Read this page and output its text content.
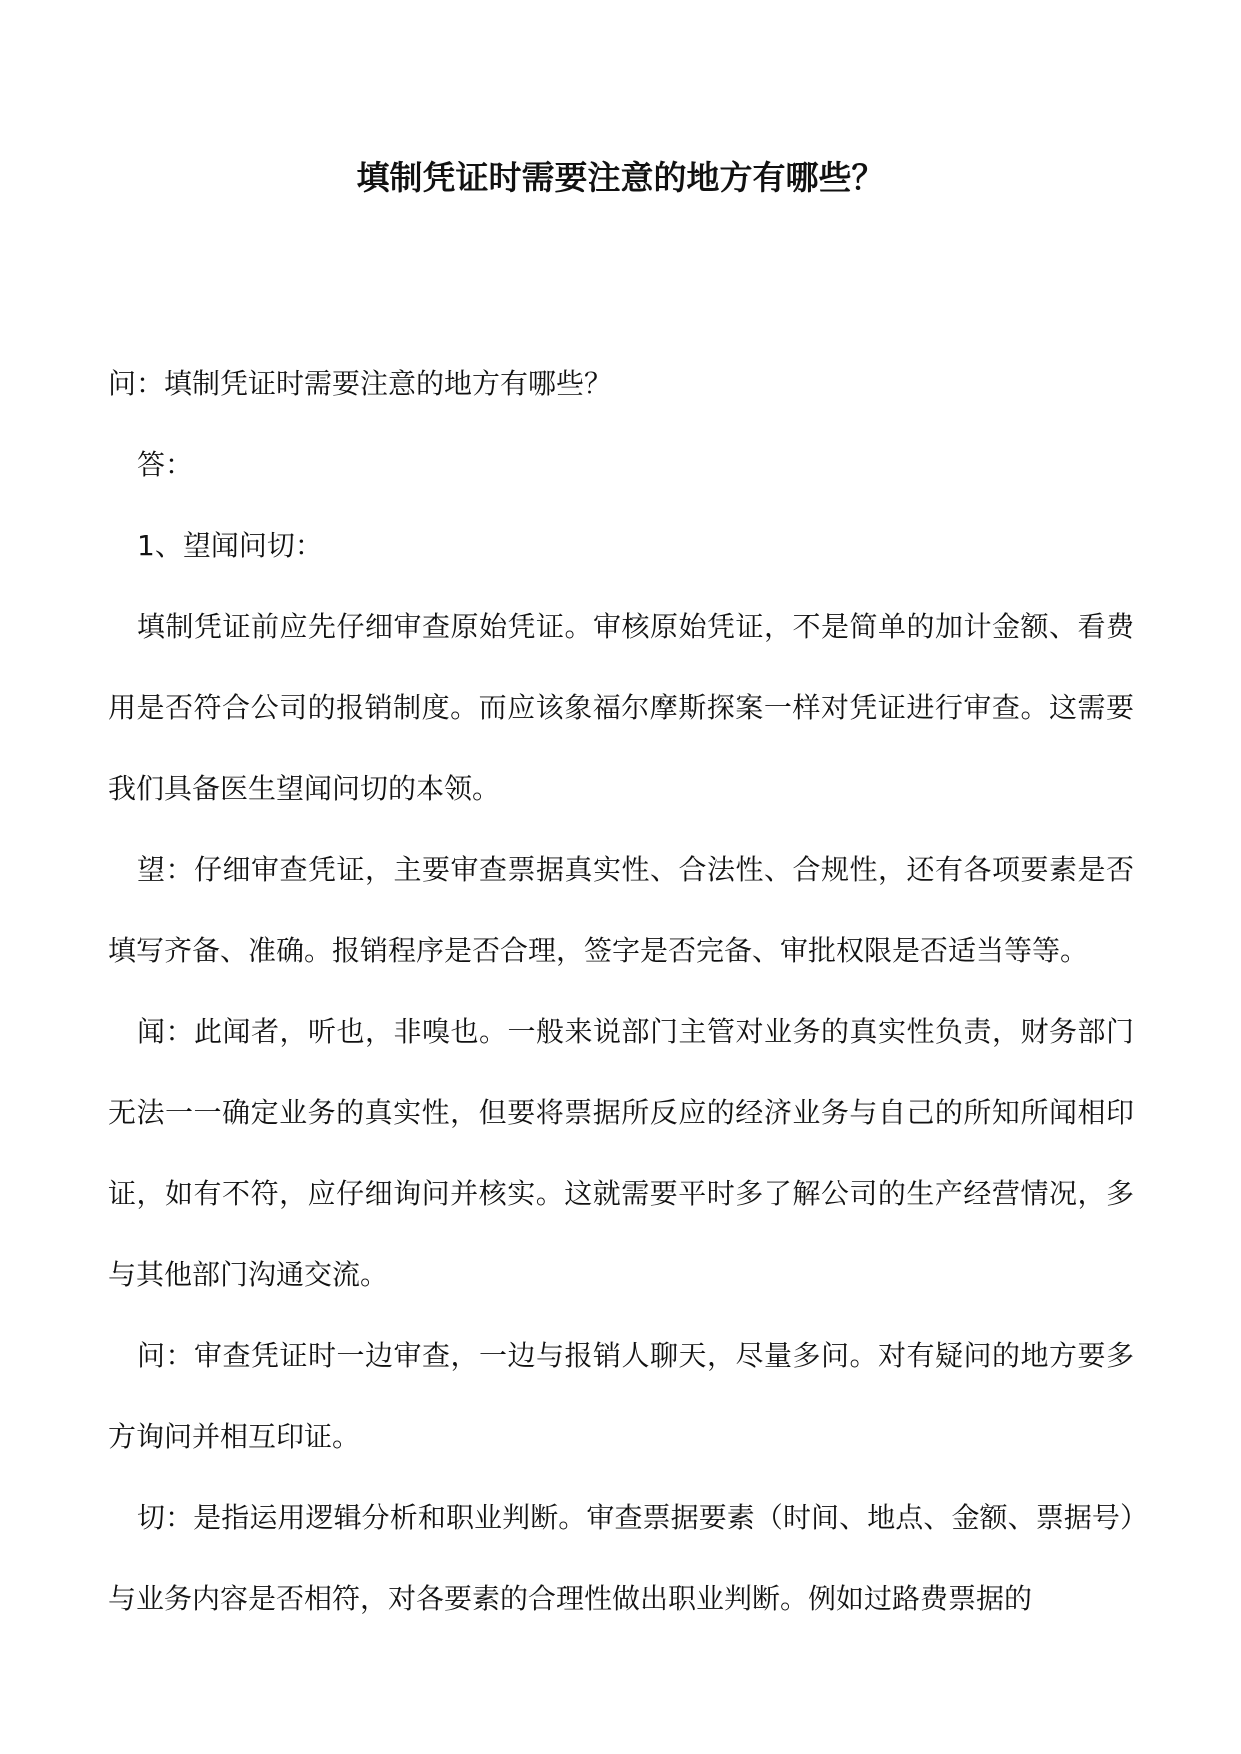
填制凭证时需要注意的地方有哪些？

问：填制凭证时需要注意的地方有哪些？

答：

1、望闻问切：

填制凭证前应先仔细审查原始凭证。审核原始凭证，不是简单的加计金额、看费用是否符合公司的报销制度。而应该象福尔摩斯探案一样对凭证进行审查。这需要我们具备医生望闻问切的本领。

望：仔细审查凭证，主要审查票据真实性、合法性、合规性，还有各项要素是否填写齐备、准确。报销程序是否合理，签字是否完备、审批权限是否适当等等。

闻：此闻者，听也，非嗅也。一般来说部门主管对业务的真实性负责，财务部门无法一一确定业务的真实性，但要将票据所反应的经济业务与自己的所知所闻相印证，如有不符，应仔细询问并核实。这就需要平时多了解公司的生产经营情况，多与其他部门沟通交流。

问：审查凭证时一边审查，一边与报销人聊天，尽量多问。对有疑问的地方要多方询问并相互印证。

切：是指运用逻辑分析和职业判断。审查票据要素（时间、地点、金额、票据号）与业务内容是否相符，对各要素的合理性做出职业判断。例如过路费票据的
